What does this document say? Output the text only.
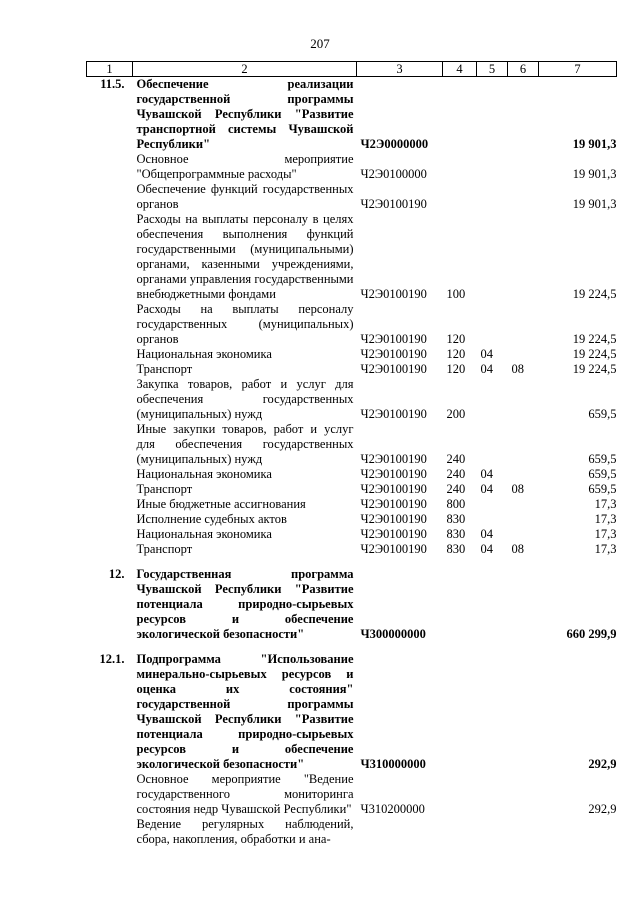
207
1	2	3	4	5	6	7
11.5.	Обеспечение реализации государственной программы Чувашской Республики "Развитие транспортной системы Чувашской Республики"	Ч2Э0000000				19 901,3
	Основное мероприятие "Общепрограммные расходы"	Ч2Э0100000				19 901,3
	Обеспечение функций государственных органов	Ч2Э0100190				19 901,3
	Расходы на выплаты персоналу в целях обеспечения выполнения функций государственными (муниципальными) органами, казенными учреждениями, органами управления государственными внебюджетными фондами	Ч2Э0100190	100			19 224,5
	Расходы на выплаты персоналу государственных (муниципальных) органов	Ч2Э0100190	120			19 224,5
	Национальная экономика	Ч2Э0100190	120	04		19 224,5
	Транспорт	Ч2Э0100190	120	04	08	19 224,5
	Закупка товаров, работ и услуг для обеспечения государственных (муниципальных) нужд	Ч2Э0100190	200			659,5
	Иные закупки товаров, работ и услуг для обеспечения государственных (муниципальных) нужд	Ч2Э0100190	240			659,5
	Национальная экономика	Ч2Э0100190	240	04		659,5
	Транспорт	Ч2Э0100190	240	04	08	659,5
	Иные бюджетные ассигнования	Ч2Э0100190	800			17,3
	Исполнение судебных актов	Ч2Э0100190	830			17,3
	Национальная экономика	Ч2Э0100190	830	04		17,3
	Транспорт	Ч2Э0100190	830	04	08	17,3

12.	Государственная программа Чувашской Республики "Развитие потенциала природно-сырьевых ресурсов и обеспечение экологической безопасности"	Ч300000000				660 299,9

12.1.	Подпрограмма "Использование минерально-сырьевых ресурсов и оценка их состояния" государственной программы Чувашской Республики "Развитие потенциала природно-сырьевых ресурсов и обеспечение экологической безопасности"	Ч310000000				292,9
	Основное мероприятие "Ведение государственного мониторинга состояния недр Чувашской Республики"	Ч310200000				292,9
	Ведение регулярных наблюдений, сбора, накопления, обработки и ана-					
